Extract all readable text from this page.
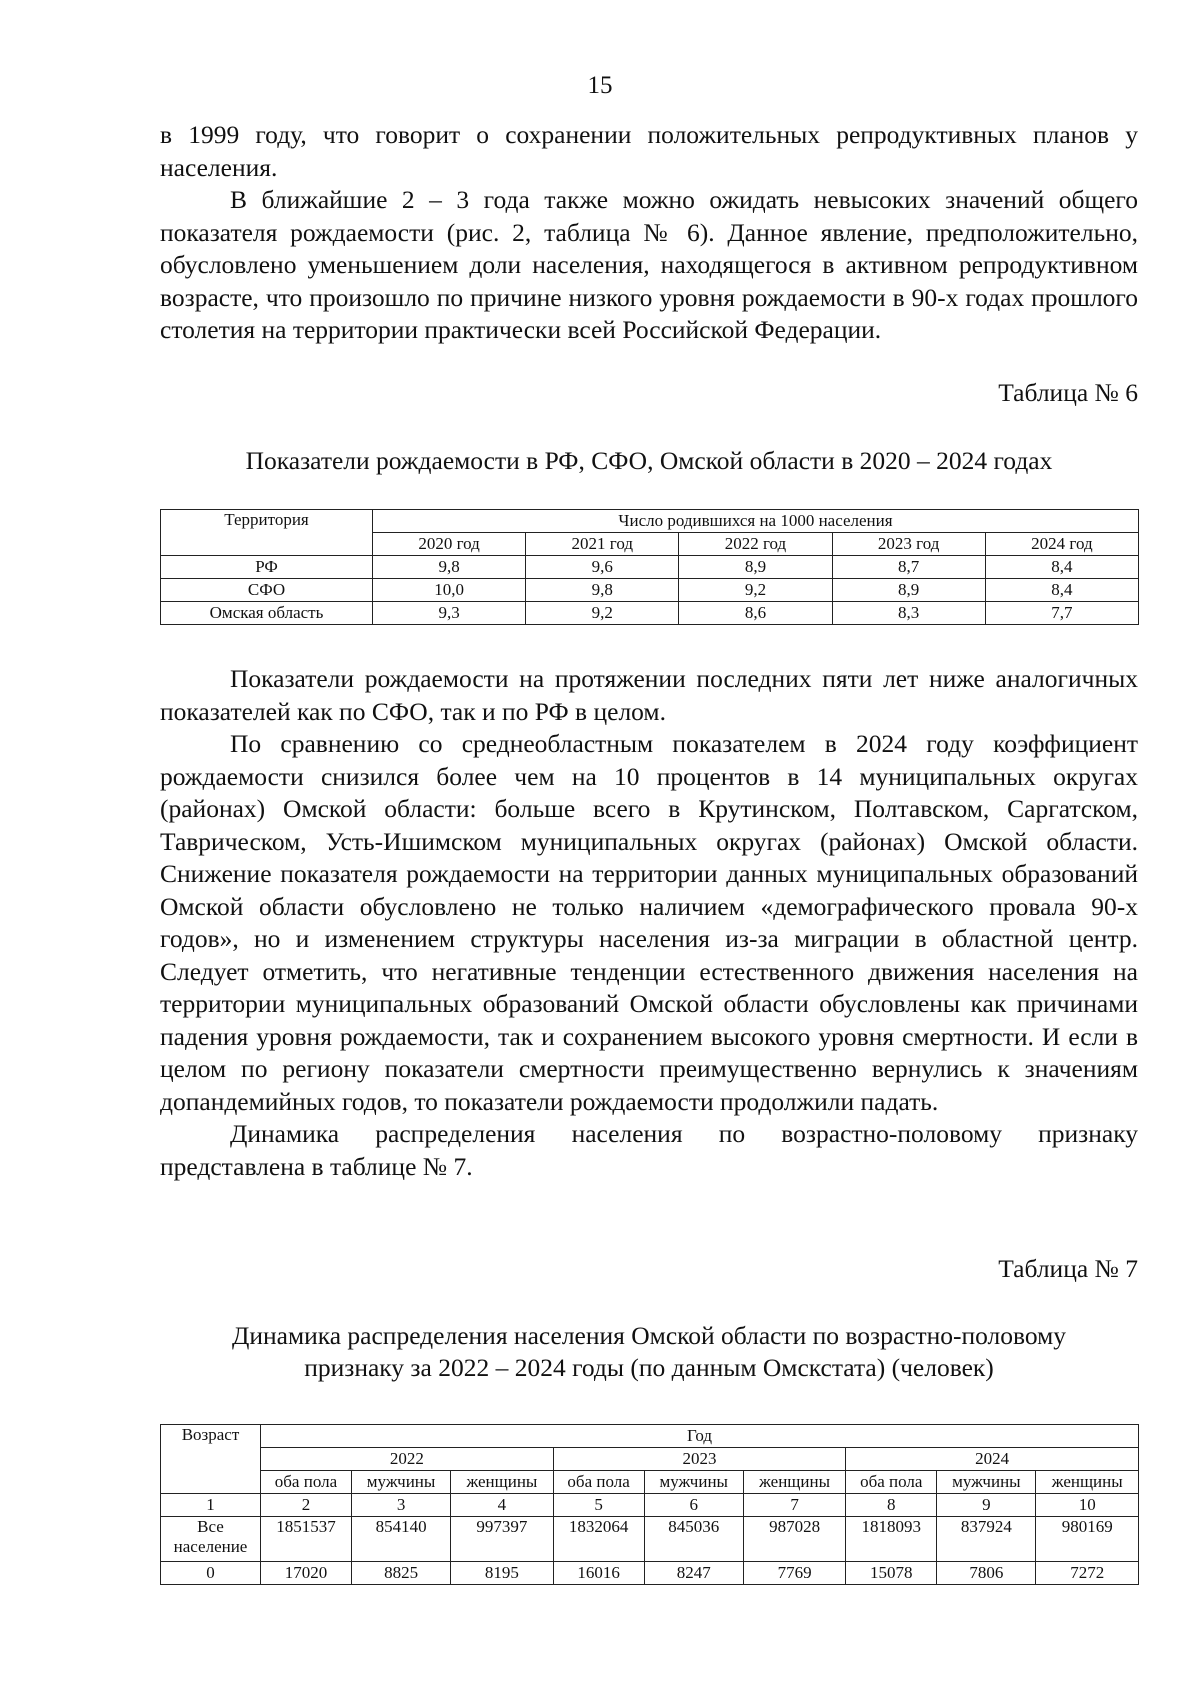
15

в 1999 году, что говорит о сохранении положительных репродуктивных планов у населения.

В ближайшие 2 – 3 года также можно ожидать невысоких значений общего показателя рождаемости (рис. 2, таблица № 6). Данное явление, предположительно, обусловлено уменьшением доли населения, находящегося в активном репродуктивном возрасте, что произошло по причине низкого уровня рождаемости в 90-х годах прошлого столетия на территории практически всей Российской Федерации.

Таблица № 6
Показатели рождаемости в РФ, СФО, Омской области в 2020 – 2024 годах
Территория	Число родившихся на 1000 населения				
	2020 год	2021 год	2022 год	2023 год	2024 год
РФ	9,8	9,6	8,9	8,7	8,4
СФО	10,0	9,8	9,2	8,9	8,4
Омская область	9,3	9,2	8,6	8,3	7,7

Показатели рождаемости на протяжении последних пяти лет ниже аналогичных показателей как по СФО, так и по РФ в целом.

По сравнению со среднеобластным показателем в 2024 году коэффициент рождаемости снизился более чем на 10 процентов в 14 муниципальных округах (районах) Омской области: больше всего в Крутинском, Полтавском, Саргатском, Таврическом, Усть-Ишимском муниципальных округах (районах) Омской области. Снижение показателя рождаемости на территории данных муниципальных образований Омской области обусловлено не только наличием «демографического провала 90-х годов», но и изменением структуры населения из-за миграции в областной центр. Следует отметить, что негативные тенденции естественного движения населения на территории муниципальных образований Омской области обусловлены как причинами падения уровня рождаемости, так и сохранением высокого уровня смертности. И если в целом по региону показатели смертности преимущественно вернулись к значениям допандемийных годов, то показатели рождаемости продолжили падать.

Динамика распределения населения по возрастно-половому признаку представлена в таблице № 7.

Таблица № 7
Динамика распределения населения Омской области по возрастно-половому
признаку за 2022 – 2024 годы (по данным Омскстата) (человек)
Возраст	Год								
	2022			2023			2024		
	оба пола	мужчины	женщины	оба пола	мужчины	женщины	оба пола	мужчины	женщины
1	2	3	4	5	6	7	8	9	10
Все население	1851537	854140	997397	1832064	845036	987028	1818093	837924	980169
0	17020	8825	8195	16016	8247	7769	15078	7806	7272
